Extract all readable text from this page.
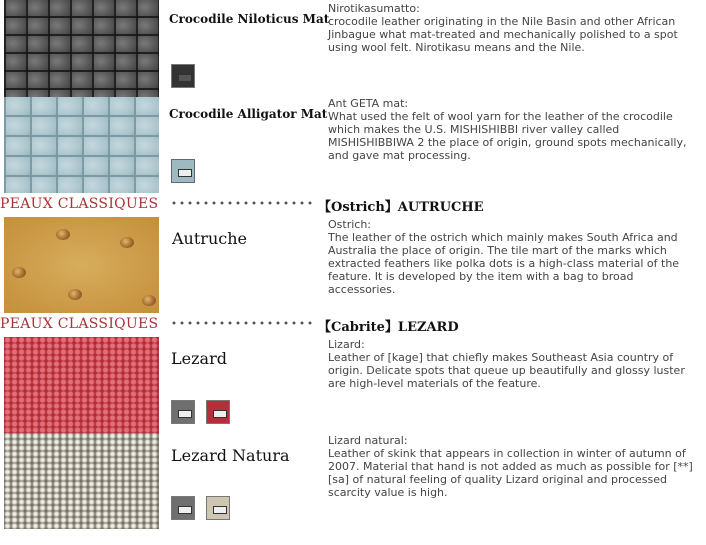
Crocodile Niloticus Mat
Nirotikasumatto:
crocodile leather originating in the Nile Basin and other African Jinbague what mat-treated and mechanically polished to a spot using wool felt. Nirotikasu means and the Nile.
Crocodile Alligator Mat
Ant GETA mat:
What used the felt of wool yarn for the leather of the crocodile which makes the U.S. MISHISHIBBI river valley called MISHISHIBBIWA 2 the place of origin, ground spots mechanically, and gave mat processing.
PEAUX CLASSIQUES	【Ostrich】AUTRUCHE
Autruche
Ostrich:
The leather of the ostrich which mainly makes South Africa and Australia the place of origin. The tile mart of the marks which extracted feathers like polka dots is a high-class material of the feature. It is developed by the item with a bag to broad accessories.
PEAUX CLASSIQUES	【Cabrite】LEZARD
Lezard
Lizard:
Leather of [kage] that chiefly makes Southeast Asia country of origin. Delicate spots that queue up beautifully and glossy luster are high-level materials of the feature.
Lezard Natura
Lizard natural:
Leather of skink that appears in collection in winter of autumn of 2007. Material that hand is not added as much as possible for [**] [sa] of natural feeling of quality Lizard original and processed scarcity value is high.
